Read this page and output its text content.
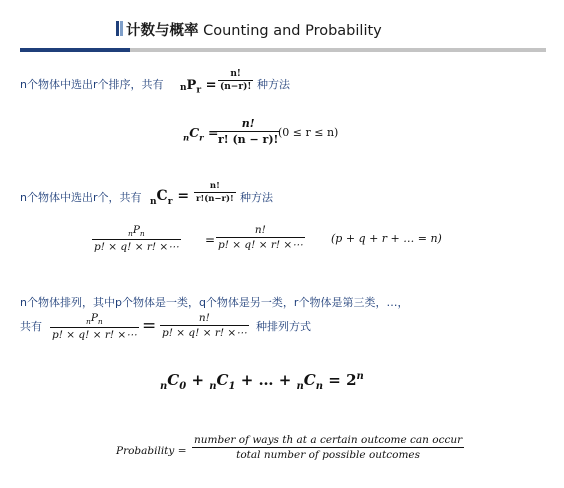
计数与概率 Counting and Probability
n个物体中选出r个排序，共有 $_nP_r = \frac{n!}{(n-r)!}$ 种方法
$_nC_r$ =
$\frac{n!}{r! (n - r)!}$
(0 ≤ r ≤ n)
n个物体中选出r个，共有 $_nC_r = \frac{n!}{r!(n-r)!}$ 种方法
$_nP_n$
p! × q! × r! ×⋯
= $\frac{n!}{p! \times q! \times r! \times\cdots} (p + q + r$ + … = n)
n个物体排列，其中p个物体是一类，q个物体是另一类，r个物体是第三类，…，
共有	$_nP_n$
p! × q! × r! ×⋯ = $\frac{n!}{p! \times q! \times r! \times\cdots}$ 种排列方式
$_nC_0 + _nC_1$ + … + $_nC_n = 2^n$
Probability =
number of ways tℎ at a certain outcome can occur
total number of possible outcomes
